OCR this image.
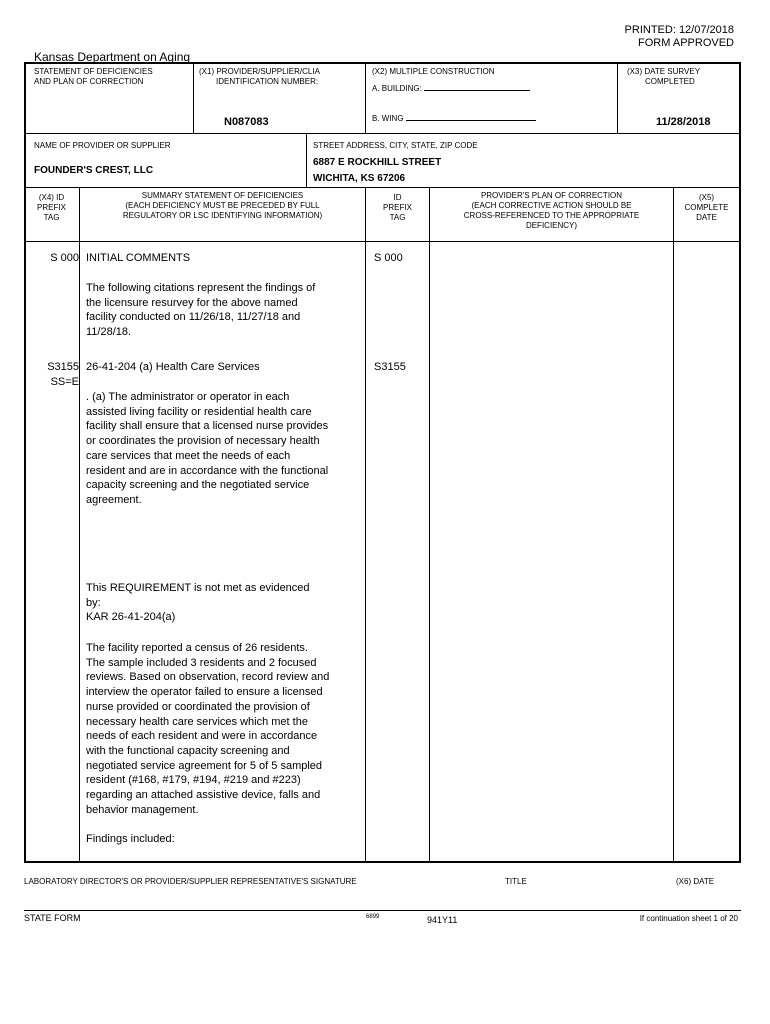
PRINTED: 12/07/2018
FORM APPROVED
Kansas Department on Aging
STATEMENT OF DEFICIENCIES
AND PLAN OF CORRECTION
(X1) PROVIDER/SUPPLIER/CLIA
IDENTIFICATION NUMBER:
N087083
(X2) MULTIPLE CONSTRUCTION
A. BUILDING:
B. WING
(X3) DATE SURVEY
COMPLETED
11/28/2018
NAME OF PROVIDER OR SUPPLIER
FOUNDER'S CREST, LLC
STREET ADDRESS, CITY, STATE, ZIP CODE
6887 E ROCKHILL STREET
WICHITA, KS 67206
(X4) ID
PREFIX
TAG
SUMMARY STATEMENT OF DEFICIENCIES
(EACH DEFICIENCY MUST BE PRECEDED BY FULL
REGULATORY OR LSC IDENTIFYING INFORMATION)
ID
PREFIX
TAG
PROVIDER'S PLAN OF CORRECTION
(EACH CORRECTIVE ACTION SHOULD BE
CROSS-REFERENCED TO THE APPROPRIATE
DEFICIENCY)
(X5)
COMPLETE
DATE
S 000 INITIAL COMMENTS	S 000
The following citations represent the findings of
the licensure resurvey for the above named
facility conducted on 11/26/18, 11/27/18 and
11/28/18.
S3155
SS=E
26-41-204 (a) Health Care Services	S3155
. (a) The administrator or operator in each
assisted living facility or residential health care
facility shall ensure that a licensed nurse provides
or coordinates the provision of necessary health
care services that meet the needs of each
resident and are in accordance with the functional
capacity screening and the negotiated service
agreement.
This REQUIREMENT is not met as evidenced
by:
KAR 26-41-204(a)
The facility reported a census of 26 residents.
The sample included 3 residents and 2 focused
reviews. Based on observation, record review and
interview the operator failed to ensure a licensed
nurse provided or coordinated the provision of
necessary health care services which met the
needs of each resident and were in accordance
with the functional capacity screening and
negotiated service agreement for 5 of 5 sampled
resident (#168, #179, #194, #219 and #223)
regarding an attached assistive device, falls and
behavior management.
Findings included:
LABORATORY DIRECTOR'S OR PROVIDER/SUPPLIER REPRESENTATIVE'S SIGNATURE	TITLE	(X6) DATE
STATE FORM	6899	941Y11	If continuation sheet 1 of 20
